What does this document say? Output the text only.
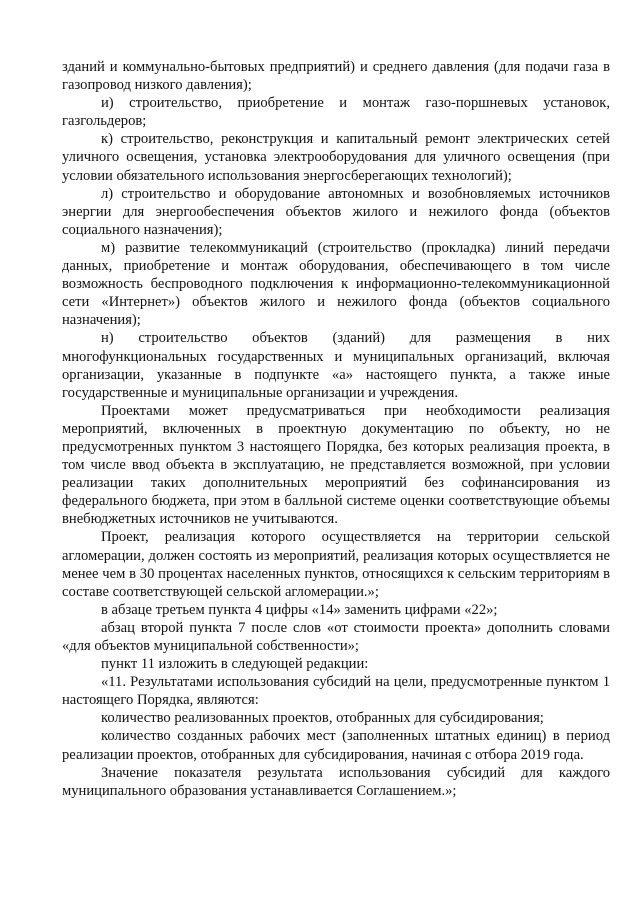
зданий и коммунально-бытовых предприятий) и среднего давления (для подачи газа в газопровод низкого давления);

и) строительство, приобретение и монтаж газо-поршневых установок, газгольдеров;

к) строительство, реконструкция и капитальный ремонт электрических сетей уличного освещения, установка электрооборудования для уличного освещения (при условии обязательного использования энергосберегающих технологий);

л) строительство и оборудование автономных и возобновляемых источников энергии для энергообеспечения объектов жилого и нежилого фонда (объектов социального назначения);

м) развитие телекоммуникаций (строительство (прокладка) линий передачи данных, приобретение и монтаж оборудования, обеспечивающего в том числе возможность беспроводного подключения к информационно-телекоммуникационной сети «Интернет») объектов жилого и нежилого фонда (объектов социального назначения);

н) строительство объектов (зданий) для размещения в них многофункциональных государственных и муниципальных организаций, включая организации, указанные в подпункте «а» настоящего пункта, а также иные государственные и муниципальные организации и учреждения.

Проектами может предусматриваться при необходимости реализация мероприятий, включенных в проектную документацию по объекту, но не предусмотренных пунктом 3 настоящего Порядка, без которых реализация проекта, в том числе ввод объекта в эксплуатацию, не представляется возможной, при условии реализации таких дополнительных мероприятий без софинансирования из федерального бюджета, при этом в балльной системе оценки соответствующие объемы внебюджетных источников не учитываются.

Проект, реализация которого осуществляется на территории сельской агломерации, должен состоять из мероприятий, реализация которых осуществляется не менее чем в 30 процентах населенных пунктов, относящихся к сельским территориям в составе соответствующей сельской агломерации.»;

в абзаце третьем пункта 4 цифры «14» заменить цифрами «22»;

абзац второй пункта 7 после слов «от стоимости проекта» дополнить словами «для объектов муниципальной собственности»;

пункт 11 изложить в следующей редакции:

«11. Результатами использования субсидий на цели, предусмотренные пунктом 1 настоящего Порядка, являются:

количество реализованных проектов, отобранных для субсидирования;

количество созданных рабочих мест (заполненных штатных единиц) в период реализации проектов, отобранных для субсидирования, начиная с отбора 2019 года.

Значение показателя результата использования субсидий для каждого муниципального образования устанавливается Соглашением.»;
